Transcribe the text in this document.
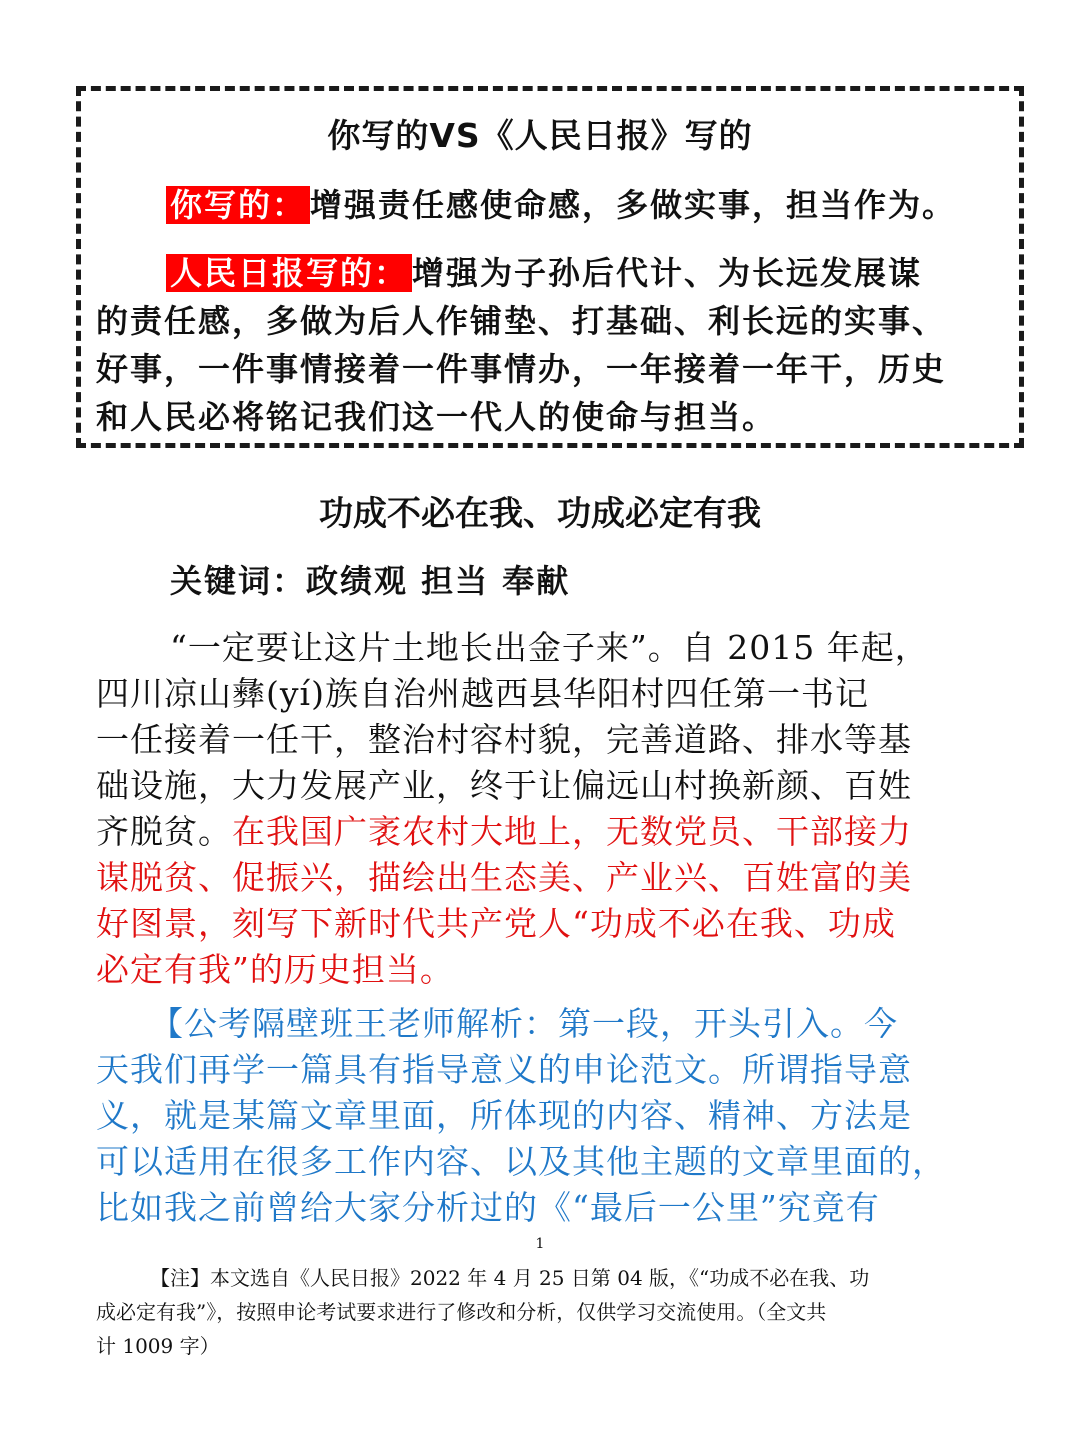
你写的VS《人民日报》写的
你写的： 增强责任感使命感，多做实事，担当作为。
人民日报写的： 增强为子孙后代计、为长远发展谋
的责任感，多做为后人作铺垫、打基础、利长远的实事、
好事，一件事情接着一件事情办，一年接着一年干，历史
和人民必将铭记我们这一代人的使命与担当。
功成不必在我、功成必定有我
关键词：政绩观 担当 奉献
“一定要让这片土地长出金子来”。自 2015 年起，
四川凉山彝(yí)族自治州越西县华阳村四任第一书记
一任接着一任干，整治村容村貌，完善道路、排水等基
础设施，大力发展产业，终于让偏远山村换新颜、百姓
齐脱贫。在我国广袤农村大地上，无数党员、干部接力
谋脱贫、促振兴，描绘出生态美、产业兴、百姓富的美
好图景，刻写下新时代共产党人“功成不必在我、功成
必定有我”的历史担当。
【公考隔壁班王老师解析：第一段，开头引入。今
天我们再学一篇具有指导意义的申论范文。所谓指导意
义，就是某篇文章里面，所体现的内容、精神、方法是
可以适用在很多工作内容、以及其他主题的文章里面的，
比如我之前曾给大家分析过的《“最后一公里”究竟有
1
【注】本文选自《人民日报》2022 年 4 月 25 日第 04 版，《“功成不必在我、功
成必定有我”》，按照申论考试要求进行了修改和分析，仅供学习交流使用。（全文共
计 1009 字）
